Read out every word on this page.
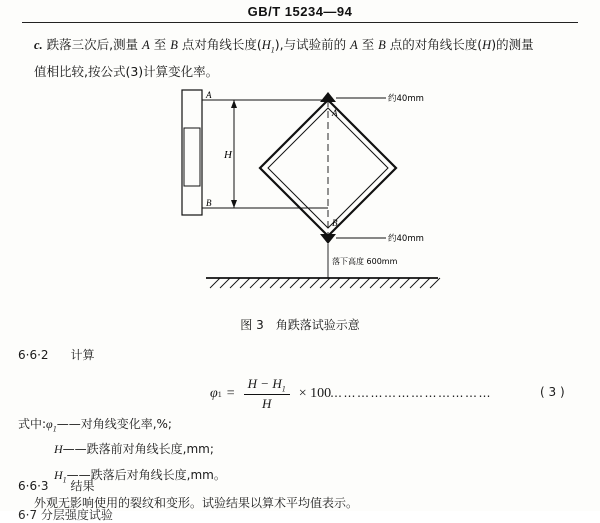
GB/T 15234—94
c. 跌落三次后,测量 A 至 B 点对角线长度$(H_1)$,与试验前的 A 至 B 点的对角线长度(H)的测量
值相比较,按公式(3)计算变化率。
H
A
B
A
B
约40mm
约40mm
落下高度 600mm
图 3 角跌落试验示意
6·6·2 计算
φ $1 = \frac{H - H_1}{H} \times 100$
………………………………	( 3 )
式中$:\varphi_1——$对角线变化率,%;
H——跌落前对角线长度,mm;
$H_1——$跌落后对角线长度,mm。
6·6·3 结果
外观无影响使用的裂纹和变形。试验结果以算术平均值表示。
6·7 分层强度试验
